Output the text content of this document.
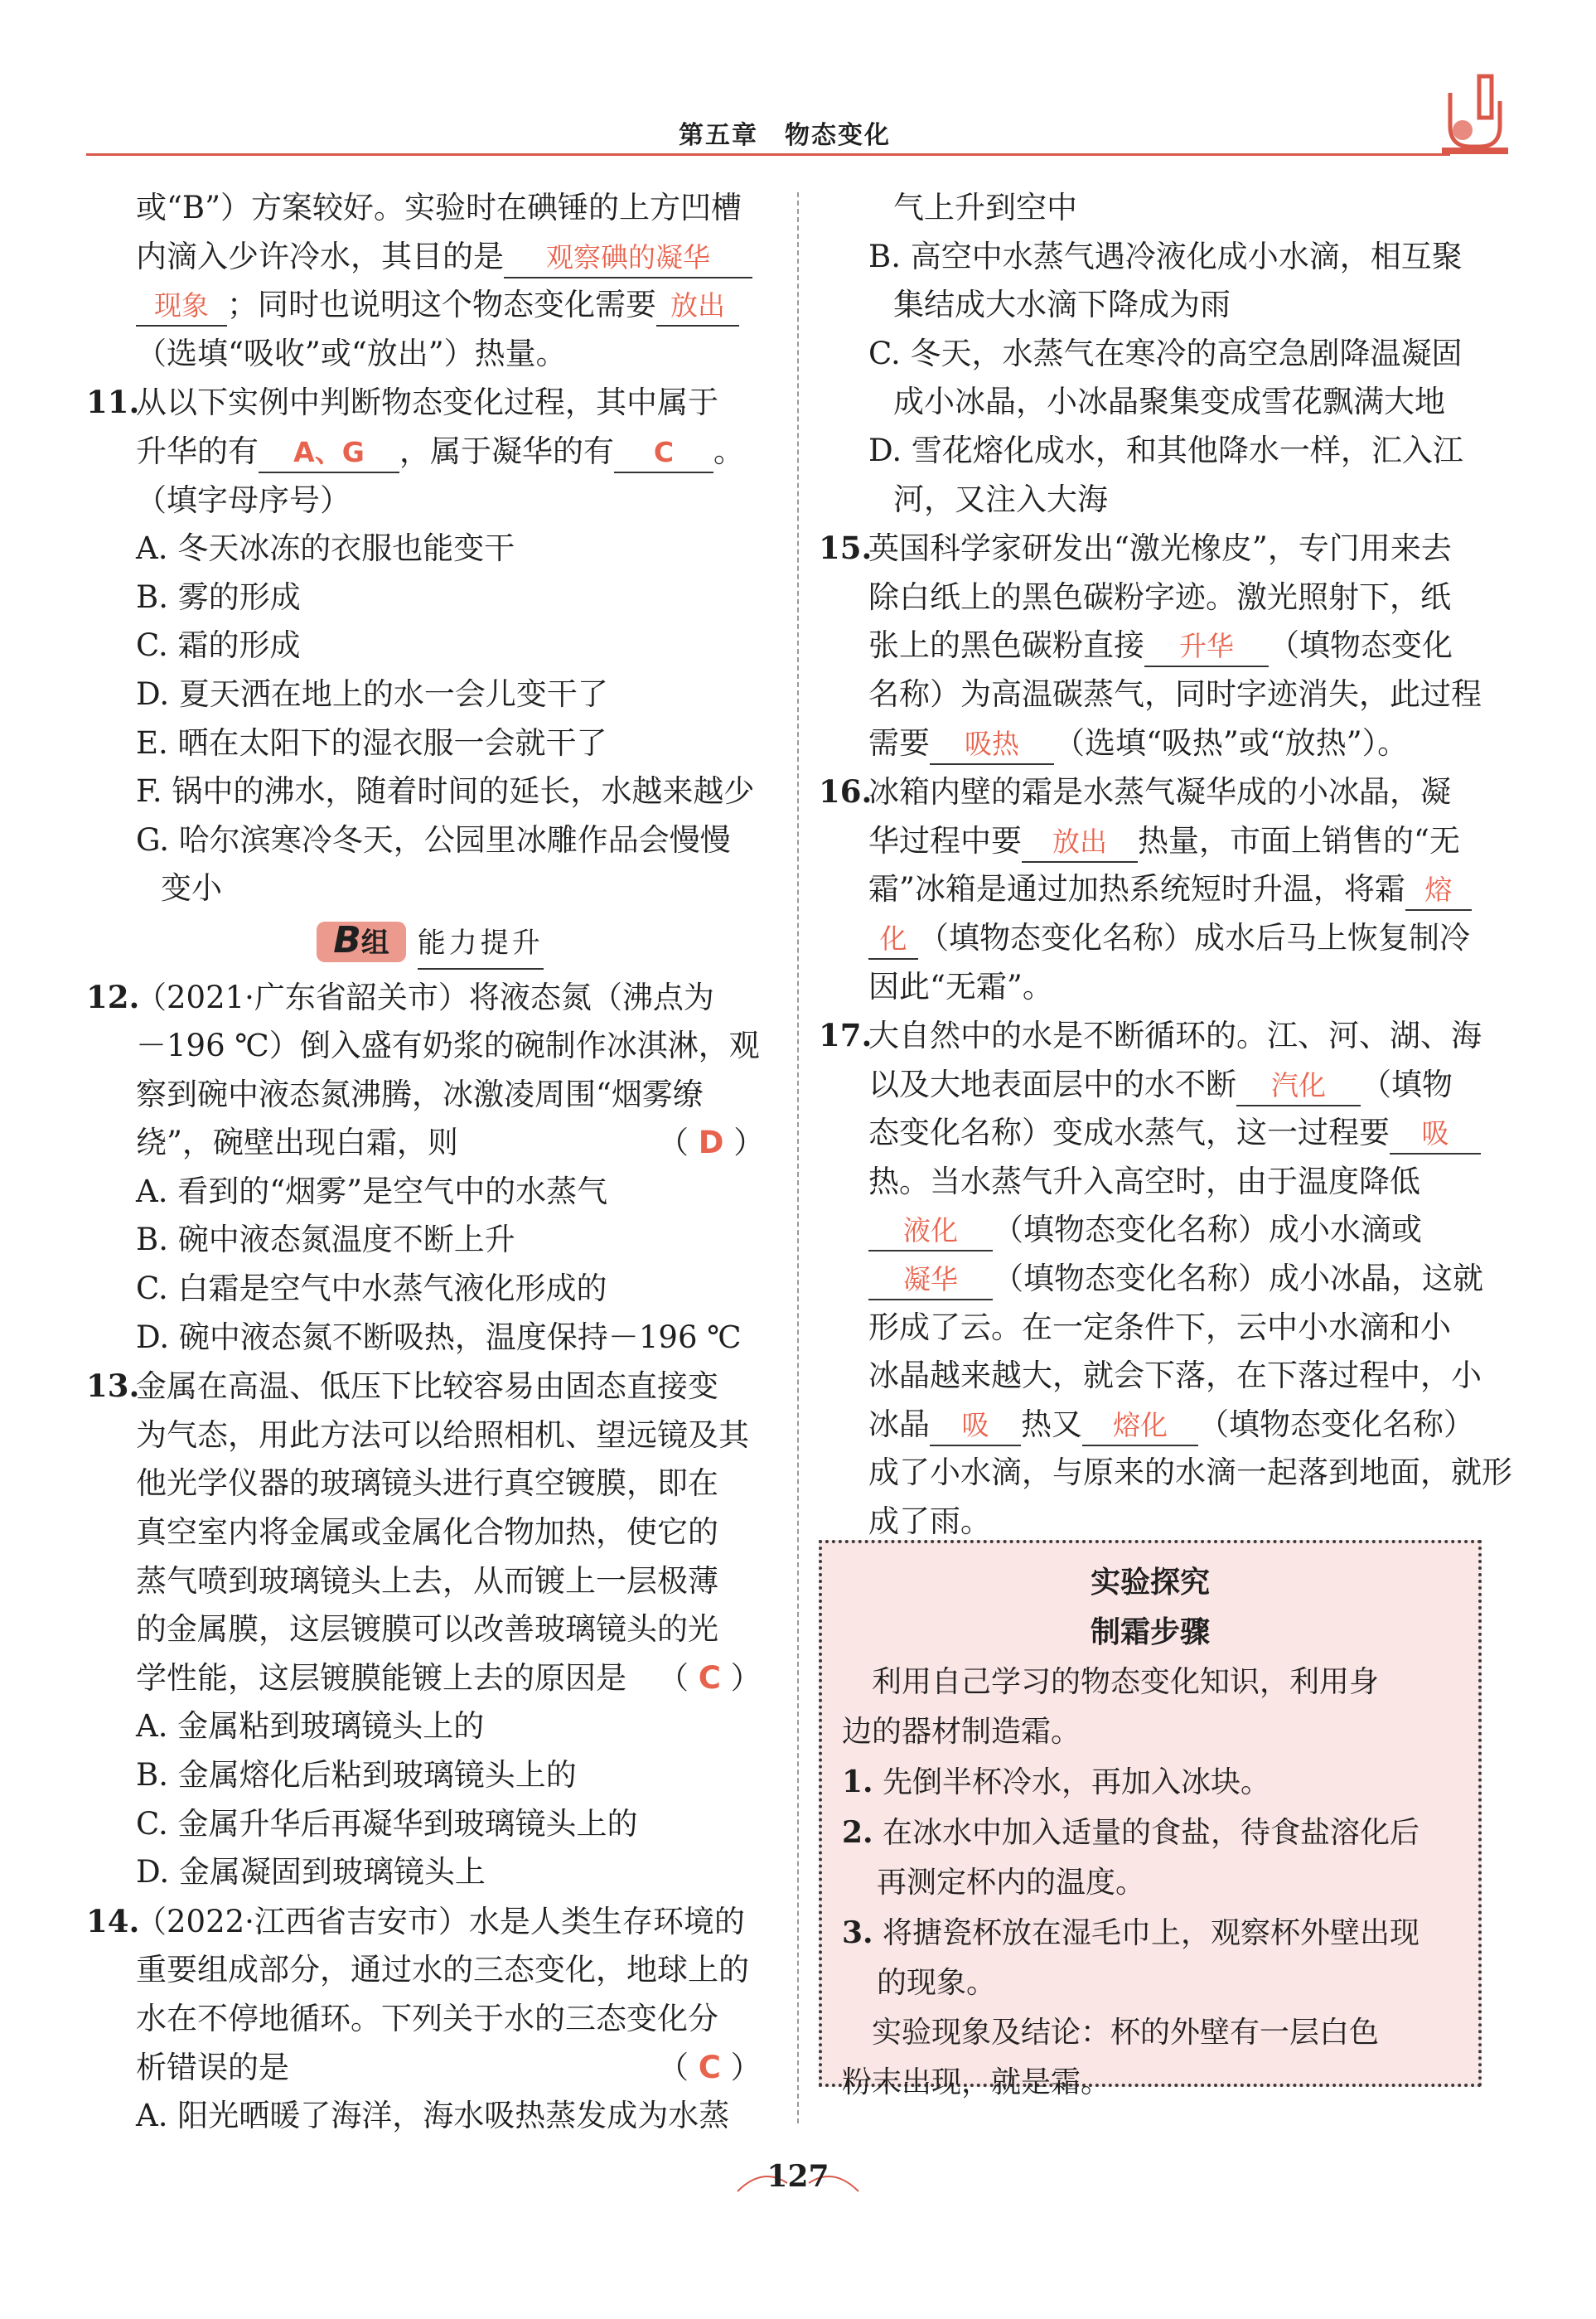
第五章　物态变化

或“B”）方案较好。实验时在碘锤的上方凹槽

内滴入少许冷水，其目的是 观察碘的凝华

现象 ；同时也说明这个物态变化需要 放出

（选填“吸收”或“放出”）热量。

11.从以下实例中判断物态变化过程，其中属于

升华的有 A、G ，属于凝华的有 C 。

（填字母序号）

A. 冬天冰冻的衣服也能变干

B. 雾的形成

C. 霜的形成

D. 夏天洒在地上的水一会儿变干了

E. 晒在太阳下的湿衣服一会就干了

F. 锅中的沸水，随着时间的延长，水越来越少

G. 哈尔滨寒冷冬天，公园里冰雕作品会慢慢

变小

B组 能力提升

12.（2021·广东省韶关市）将液态氮（沸点为

－196 ℃）倒入盛有奶浆的碗制作冰淇淋，观

察到碗中液态氮沸腾，冰激凌周围“烟雾缭

绕”，碗壁出现白霜，则	（ D ）

A. 看到的“烟雾”是空气中的水蒸气

B. 碗中液态氮温度不断上升

C. 白霜是空气中水蒸气液化形成的

D. 碗中液态氮不断吸热，温度保持－196 ℃

13.金属在高温、低压下比较容易由固态直接变

为气态，用此方法可以给照相机、望远镜及其

他光学仪器的玻璃镜头进行真空镀膜，即在

真空室内将金属或金属化合物加热，使它的

蒸气喷到玻璃镜头上去，从而镀上一层极薄

的金属膜，这层镀膜可以改善玻璃镜头的光

学性能，这层镀膜能镀上去的原因是 （ C ）

A. 金属粘到玻璃镜头上的

B. 金属熔化后粘到玻璃镜头上的

C. 金属升华后再凝华到玻璃镜头上的

D. 金属凝固到玻璃镜头上

14.（2022·江西省吉安市）水是人类生存环境的

重要组成部分，通过水的三态变化，地球上的

水在不停地循环。下列关于水的三态变化分

析错误的是	（ C ）

A. 阳光晒暖了海洋，海水吸热蒸发成为水蒸

气上升到空中

B. 高空中水蒸气遇冷液化成小水滴，相互聚

集结成大水滴下降成为雨

C. 冬天，水蒸气在寒冷的高空急剧降温凝固

成小冰晶，小冰晶聚集变成雪花飘满大地

D. 雪花熔化成水，和其他降水一样，汇入江

河，又注入大海

15.英国科学家研发出“激光橡皮”，专门用来去

除白纸上的黑色碳粉字迹。激光照射下，纸

张上的黑色碳粉直接 升华 （填物态变化

名称）为高温碳蒸气，同时字迹消失，此过程

需要 吸热 （选填“吸热”或“放热”）。

16.冰箱内壁的霜是水蒸气凝华成的小冰晶，凝

华过程中要 放出 热量，市面上销售的“无

霜”冰箱是通过加热系统短时升温，将霜 熔

化 （填物态变化名称）成水后马上恢复制冷

因此“无霜”。

17.大自然中的水是不断循环的。江、河、湖、海

以及大地表面层中的水不断 汽化 （填物

态变化名称）变成水蒸气，这一过程要 吸

热。当水蒸气升入高空时，由于温度降低

液化 （填物态变化名称）成小水滴或

凝华 （填物态变化名称）成小冰晶，这就

形成了云。在一定条件下，云中小水滴和小

冰晶越来越大，就会下落，在下落过程中，小

冰晶 吸 热又 熔化 （填物态变化名称）

成了小水滴，与原来的水滴一起落到地面，就形

成了雨。

实验探究

制霜步骤

　利用自己学习的物态变化知识，利用身

边的器材制造霜。

1. 先倒半杯冷水，再加入冰块。

2. 在冰水中加入适量的食盐，待食盐溶化后

再测定杯内的温度。

3. 将搪瓷杯放在湿毛巾上，观察杯外壁出现

的现象。

　实验现象及结论：杯的外壁有一层白色

粉末出现，就是霜。

127
